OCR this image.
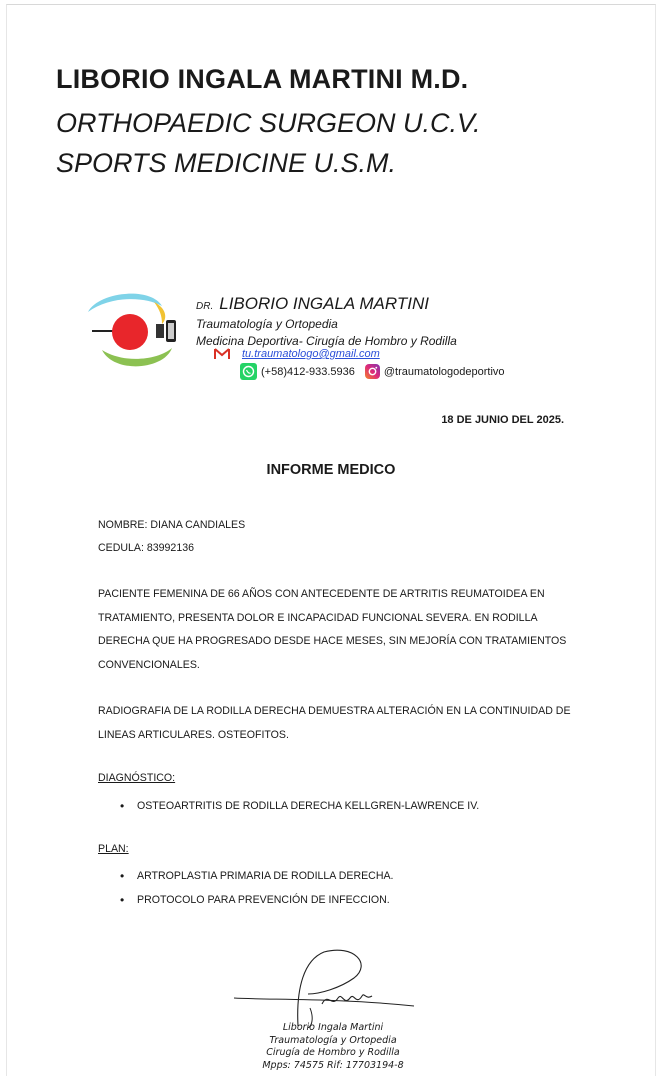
LIBORIO INGALA MARTINI M.D.
ORTHOPAEDIC SURGEON U.C.V.
SPORTS MEDICINE U.S.M.
DR. LIBORIO INGALA MARTINI
Traumatología y Ortopedia
Medicina Deportiva- Cirugía de Hombro y Rodilla
tu.traumatologo@gmail.com
(+58)412-933.5936	@traumatologodeportivo
18 DE JUNIO DEL 2025.
INFORME MEDICO
NOMBRE: DIANA CANDIALES
CEDULA: 83992136
PACIENTE FEMENINA DE 66 AÑOS CON ANTECEDENTE DE ARTRITIS REUMATOIDEA EN TRATAMIENTO, PRESENTA DOLOR E INCAPACIDAD FUNCIONAL SEVERA. EN RODILLA DERECHA QUE HA PROGRESADO DESDE HACE MESES, SIN MEJORÍA CON TRATAMIENTOS CONVENCIONALES.
RADIOGRAFIA DE LA RODILLA DERECHA DEMUESTRA ALTERACIÓN EN LA CONTINUIDAD DE LINEAS ARTICULARES. OSTEOFITOS.
DIAGNÓSTICO:
• OSTEOARTRITIS DE RODILLA DERECHA KELLGREN-LAWRENCE IV.
PLAN:
• ARTROPLASTIA PRIMARIA DE RODILLA DERECHA.
• PROTOCOLO PARA PREVENCIÓN DE INFECCION.
Liborio Ingala Martini
Traumatología y Ortopedia
Cirugía de Hombro y Rodilla
Mpps: 74575 Rif: 17703194-8
